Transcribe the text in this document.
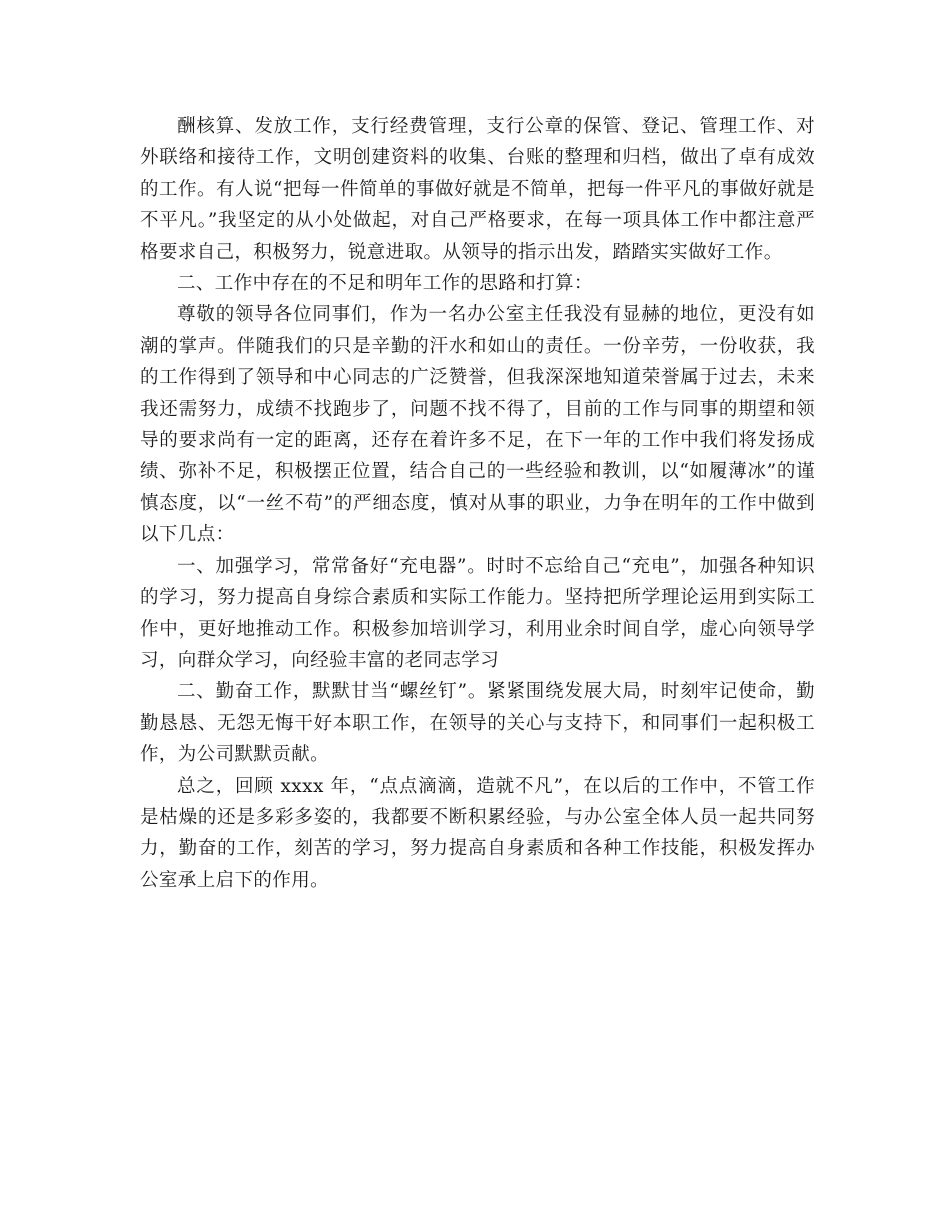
酬核算、发放工作，支行经费管理，支行公章的保管、登记、管理工作、对外联络和接待工作，文明创建资料的收集、台账的整理和归档，做出了卓有成效的工作。有人说“把每一件简单的事做好就是不简单，把每一件平凡的事做好就是不平凡。”我坚定的从小处做起，对自己严格要求，在每一项具体工作中都注意严格要求自己，积极努力，锐意进取。从领导的指示出发，踏踏实实做好工作。

二、工作中存在的不足和明年工作的思路和打算：

尊敬的领导各位同事们，作为一名办公室主任我没有显赫的地位，更没有如潮的掌声。伴随我们的只是辛勤的汗水和如山的责任。一份辛劳，一份收获，我的工作得到了领导和中心同志的广泛赞誉，但我深深地知道荣誉属于过去，未来我还需努力，成绩不找跑步了，问题不找不得了，目前的工作与同事的期望和领导的要求尚有一定的距离，还存在着许多不足，在下一年的工作中我们将发扬成绩、弥补不足，积极摆正位置，结合自己的一些经验和教训，以“如履薄冰”的谨慎态度，以“一丝不苟”的严细态度，慎对从事的职业，力争在明年的工作中做到以下几点：

一、加强学习，常常备好“充电器”。时时不忘给自己“充电”，加强各种知识的学习，努力提高自身综合素质和实际工作能力。坚持把所学理论运用到实际工作中，更好地推动工作。积极参加培训学习，利用业余时间自学，虚心向领导学习，向群众学习，向经验丰富的老同志学习

二、勤奋工作，默默甘当“螺丝钉”。紧紧围绕发展大局，时刻牢记使命，勤勤恳恳、无怨无悔干好本职工作，在领导的关心与支持下，和同事们一起积极工作，为公司默默贡献。

总之，回顾 xxxx 年，“点点滴滴，造就不凡”，在以后的工作中，不管工作是枯燥的还是多彩多姿的，我都要不断积累经验，与办公室全体人员一起共同努力，勤奋的工作，刻苦的学习，努力提高自身素质和各种工作技能，积极发挥办公室承上启下的作用。
